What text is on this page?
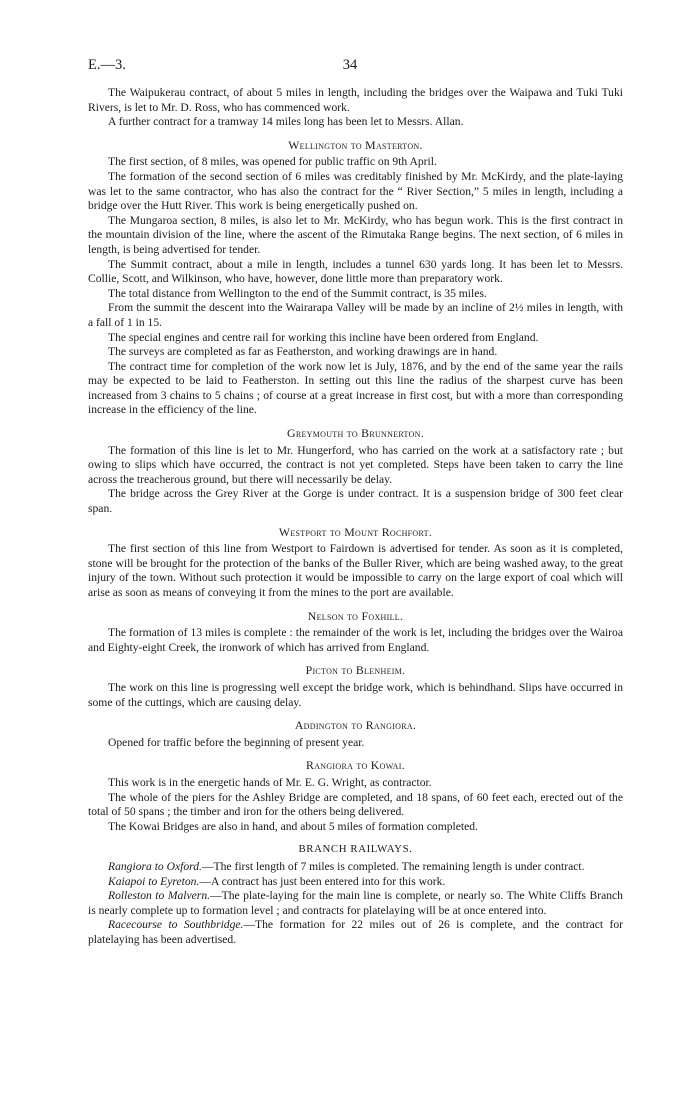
E.—3.	34

The Waipukerau contract, of about 5 miles in length, including the bridges over the Waipawa and Tuki Tuki Rivers, is let to Mr. D. Ross, who has commenced work.

A further contract for a tramway 14 miles long has been let to Messrs. Allan.

Wellington to Masterton.

The first section, of 8 miles, was opened for public traffic on 9th April.

The formation of the second section of 6 miles was creditably finished by Mr. McKirdy, and the plate-laying was let to the same contractor, who has also the contract for the “ River Section,” 5 miles in length, including a bridge over the Hutt River. This work is being energetically pushed on.

The Mungaroa section, 8 miles, is also let to Mr. McKirdy, who has begun work. This is the first contract in the mountain division of the line, where the ascent of the Rimutaka Range begins. The next section, of 6 miles in length, is being advertised for tender.

The Summit contract, about a mile in length, includes a tunnel 630 yards long. It has been let to Messrs. Collie, Scott, and Wilkinson, who have, however, done little more than preparatory work.

The total distance from Wellington to the end of the Summit contract, is 35 miles.

From the summit the descent into the Wairarapa Valley will be made by an incline of 2½ miles in length, with a fall of 1 in 15.

The special engines and centre rail for working this incline have been ordered from England.

The surveys are completed as far as Featherston, and working drawings are in hand.

The contract time for completion of the work now let is July, 1876, and by the end of the same year the rails may be expected to be laid to Featherston. In setting out this line the radius of the sharpest curve has been increased from 3 chains to 5 chains ; of course at a great increase in first cost, but with a more than corresponding increase in the efficiency of the line.

Greymouth to Brunnerton.

The formation of this line is let to Mr. Hungerford, who has carried on the work at a satisfactory rate ; but owing to slips which have occurred, the contract is not yet completed. Steps have been taken to carry the line across the treacherous ground, but there will necessarily be delay.

The bridge across the Grey River at the Gorge is under contract. It is a suspension bridge of 300 feet clear span.

Westport to Mount Rochfort.

The first section of this line from Westport to Fairdown is advertised for tender. As soon as it is completed, stone will be brought for the protection of the banks of the Buller River, which are being washed away, to the great injury of the town. Without such protection it would be impossible to carry on the large export of coal which will arise as soon as means of conveying it from the mines to the port are available.

Nelson to Foxhill.

The formation of 13 miles is complete : the remainder of the work is let, including the bridges over the Wairoa and Eighty-eight Creek, the ironwork of which has arrived from England.

Picton to Blenheim.

The work on this line is progressing well except the bridge work, which is behindhand. Slips have occurred in some of the cuttings, which are causing delay.

Addington to Rangiora.

Opened for traffic before the beginning of present year.

Rangiora to Kowai.

This work is in the energetic hands of Mr. E. G. Wright, as contractor.

The whole of the piers for the Ashley Bridge are completed, and 18 spans, of 60 feet each, erected out of the total of 50 spans ; the timber and iron for the others being delivered.

The Kowai Bridges are also in hand, and about 5 miles of formation completed.

BRANCH RAILWAYS.

Rangiora to Oxford.—The first length of 7 miles is completed. The remaining length is under contract.

Kaiapoi to Eyreton.—A contract has just been entered into for this work.

Rolleston to Malvern.—The plate-laying for the main line is complete, or nearly so. The White Cliffs Branch is nearly complete up to formation level ; and contracts for platelaying will be at once entered into.

Racecourse to Southbridge.—The formation for 22 miles out of 26 is complete, and the contract for platelaying has been advertised.
